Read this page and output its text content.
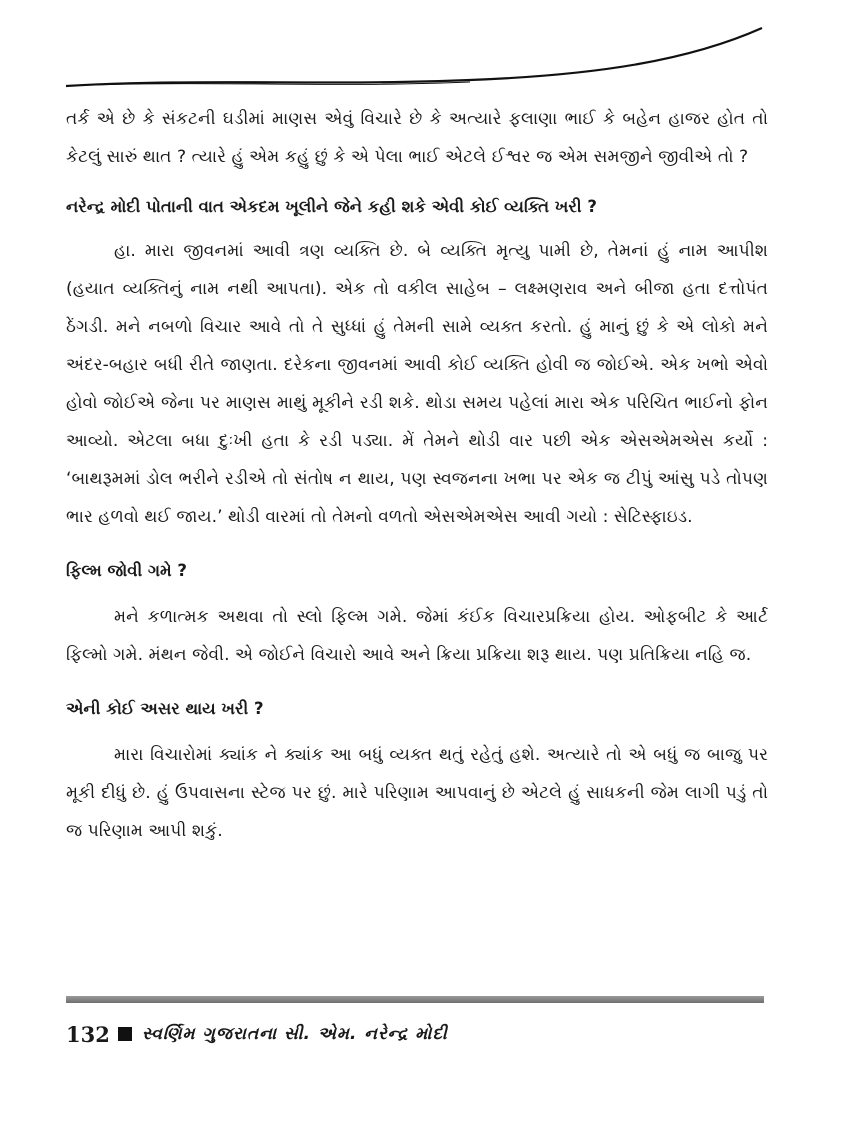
તર્ક એ છે કે સંકટની ઘડીમાં માણસ એવું વિચારે છે કે અત્યારે ફલાણા ભાઈ કે બહેન હાજર હોત તો કેટલું સારું થાત ? ત્યારે હું એમ કહું છું કે એ પેલા ભાઈ એટલે ઈશ્વર જ એમ સમજીને જીવીએ તો ?

નરેન્દ્ર મોદી પોતાની વાત એકદમ ખૂલીને જેને કહી શકે એવી કોઈ વ્યક્તિ ખરી ?

હા. મારા જીવનમાં આવી ત્રણ વ્યક્તિ છે. બે વ્યક્તિ મૃત્યુ પામી છે, તેમનાં હું નામ આપીશ (હયાત વ્યક્તિનું નામ નથી આપતા). એક તો વકીલ સાહેબ – લક્ષ્મણરાવ અને બીજા હતા દત્તોપંત ઠેંગડી. મને નબળો વિચાર આવે તો તે સુધ્ધાં હું તેમની સામે વ્યક્ત કરતો. હું માનું છું કે એ લોકો મને અંદર-બહાર બધી રીતે જાણતા. દરેકના જીવનમાં આવી કોઈ વ્યક્તિ હોવી જ જોઈએ. એક ખભો એવો હોવો જોઈએ જેના પર માણસ માથું મૂકીને રડી શકે. થોડા સમય પહેલાં મારા એક પરિચિત ભાઈનો ફોન આવ્યો. એટલા બધા દુઃખી હતા કે રડી પડ્યા. મેં તેમને થોડી વાર પછી એક એસએમએસ કર્યો : ‘બાથરૂમમાં ડોલ ભરીને રડીએ તો સંતોષ ન થાય, પણ સ્વજનના ખભા પર એક જ ટીપું આંસુ પડે તોપણ ભાર હળવો થઈ જાય.’ થોડી વારમાં તો તેમનો વળતો એસએમએસ આવી ગયો : સેટિસ્ફાઇડ.

ફિલ્મ જોવી ગમે ?

મને કળાત્મક અથવા તો સ્લો ફિલ્મ ગમે. જેમાં કંઈક વિચારપ્રક્રિયા હોય. ઓફબીટ કે આર્ટ ફિલ્મો ગમે. મંથન જેવી. એ જોઈને વિચારો આવે અને ક્રિયા પ્રક્રિયા શરૂ થાય. પણ પ્રતિક્રિયા નહિ જ.

એની કોઈ અસર થાય ખરી ?

મારા વિચારોમાં ક્યાંક ને ક્યાંક આ બધું વ્યક્ત થતું રહેતું હશે. અત્યારે તો એ બધું જ બાજુ પર મૂકી દીધું છે. હું ઉપવાસના સ્ટેજ પર છું. મારે પરિણામ આપવાનું છે એટલે હું સાધકની જેમ લાગી પડું તો જ પરિણામ આપી શકું.

132 સ્વર્ણિમ ગુજરાતના સી. એમ. નરેન્દ્ર મોદી
